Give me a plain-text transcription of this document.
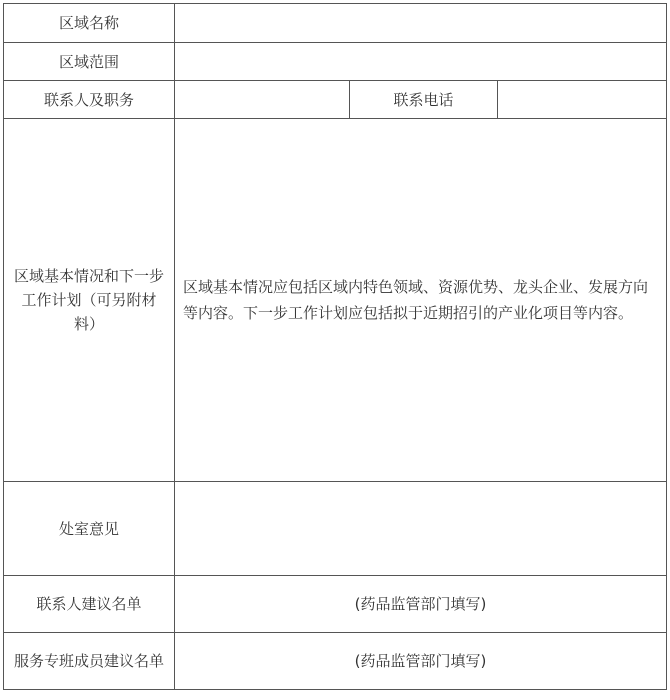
区域名称			
区域范围			
联系人及职务		联系电话	
区域基本情况和下一步工作计划（可另附材料）	区域基本情况应包括区域内特色领域、资源优势、龙头企业、发展方向等内容。下一步工作计划应包括拟于近期招引的产业化项目等内容。		
处室意见			
联系人建议名单	(药品监管部门填写)		
服务专班成员建议名单	(药品监管部门填写)		
